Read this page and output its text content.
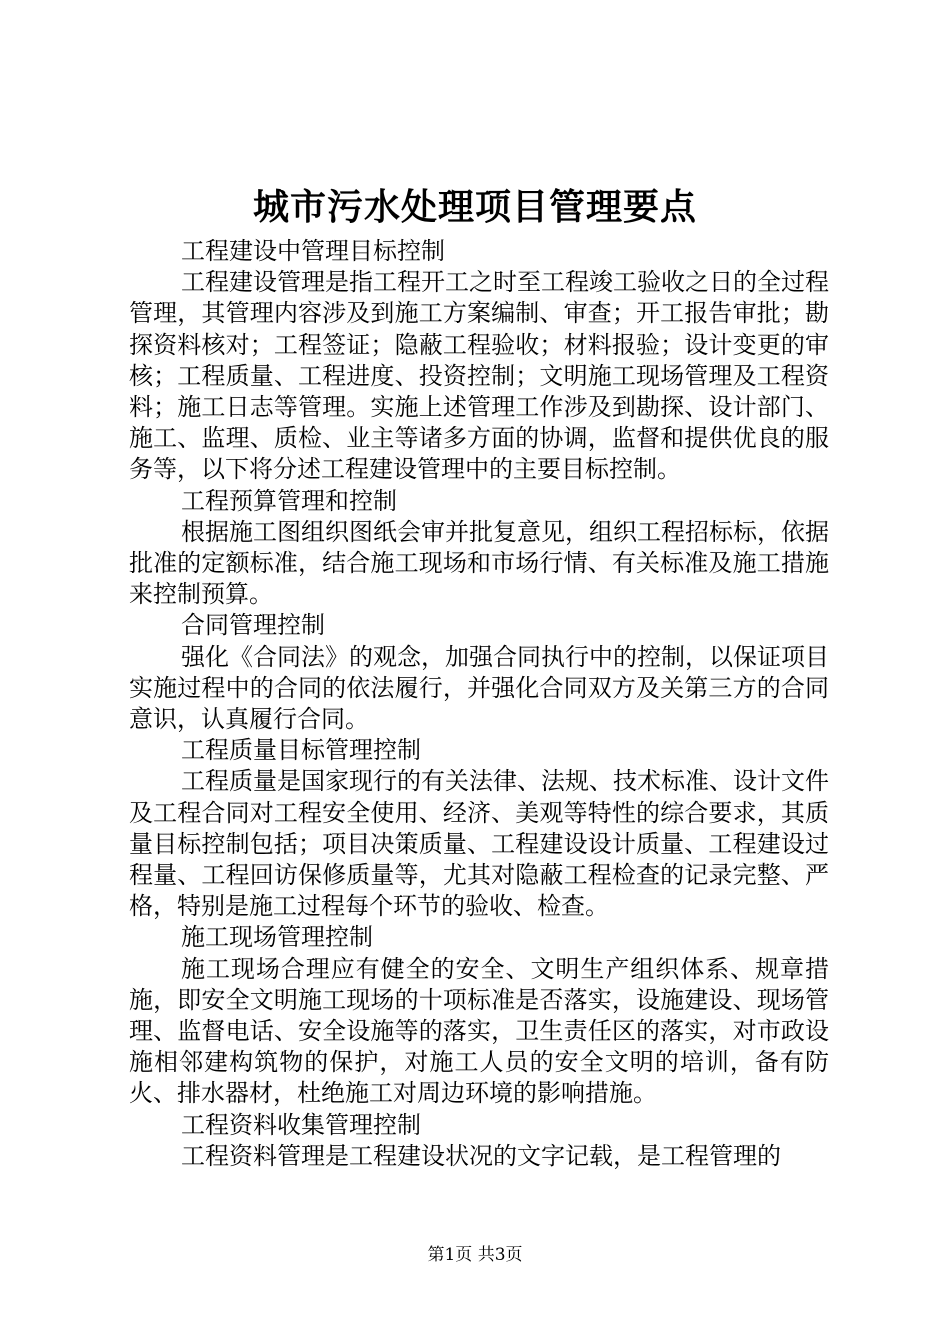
城市污水处理项目管理要点

工程建设中管理目标控制

工程建设管理是指工程开工之时至工程竣工验收之日的全过程管理，其管理内容涉及到施工方案编制、审查；开工报告审批；勘探资料核对；工程签证；隐蔽工程验收；材料报验；设计变更的审核；工程质量、工程进度、投资控制；文明施工现场管理及工程资料；施工日志等管理。实施上述管理工作涉及到勘探、设计部门、施工、监理、质检、业主等诸多方面的协调，监督和提供优良的服务等，以下将分述工程建设管理中的主要目标控制。

工程预算管理和控制

根据施工图组织图纸会审并批复意见，组织工程招标标，依据批准的定额标准，结合施工现场和市场行情、有关标准及施工措施来控制预算。

合同管理控制

强化《合同法》的观念，加强合同执行中的控制，以保证项目实施过程中的合同的依法履行，并强化合同双方及关第三方的合同意识，认真履行合同。

工程质量目标管理控制

工程质量是国家现行的有关法律、法规、技术标准、设计文件及工程合同对工程安全使用、经济、美观等特性的综合要求，其质量目标控制包括；项目决策质量、工程建设设计质量、工程建设过程量、工程回访保修质量等，尤其对隐蔽工程检查的记录完整、严格，特别是施工过程每个环节的验收、检查。

施工现场管理控制

施工现场合理应有健全的安全、文明生产组织体系、规章措施，即安全文明施工现场的十项标准是否落实，设施建设、现场管理、监督电话、安全设施等的落实，卫生责任区的落实，对市政设施相邻建构筑物的保护，对施工人员的安全文明的培训，备有防火、排水器材，杜绝施工对周边环境的影响措施。

工程资料收集管理控制

工程资料管理是工程建设状况的文字记载，是工程管理的

第1页 共3页
